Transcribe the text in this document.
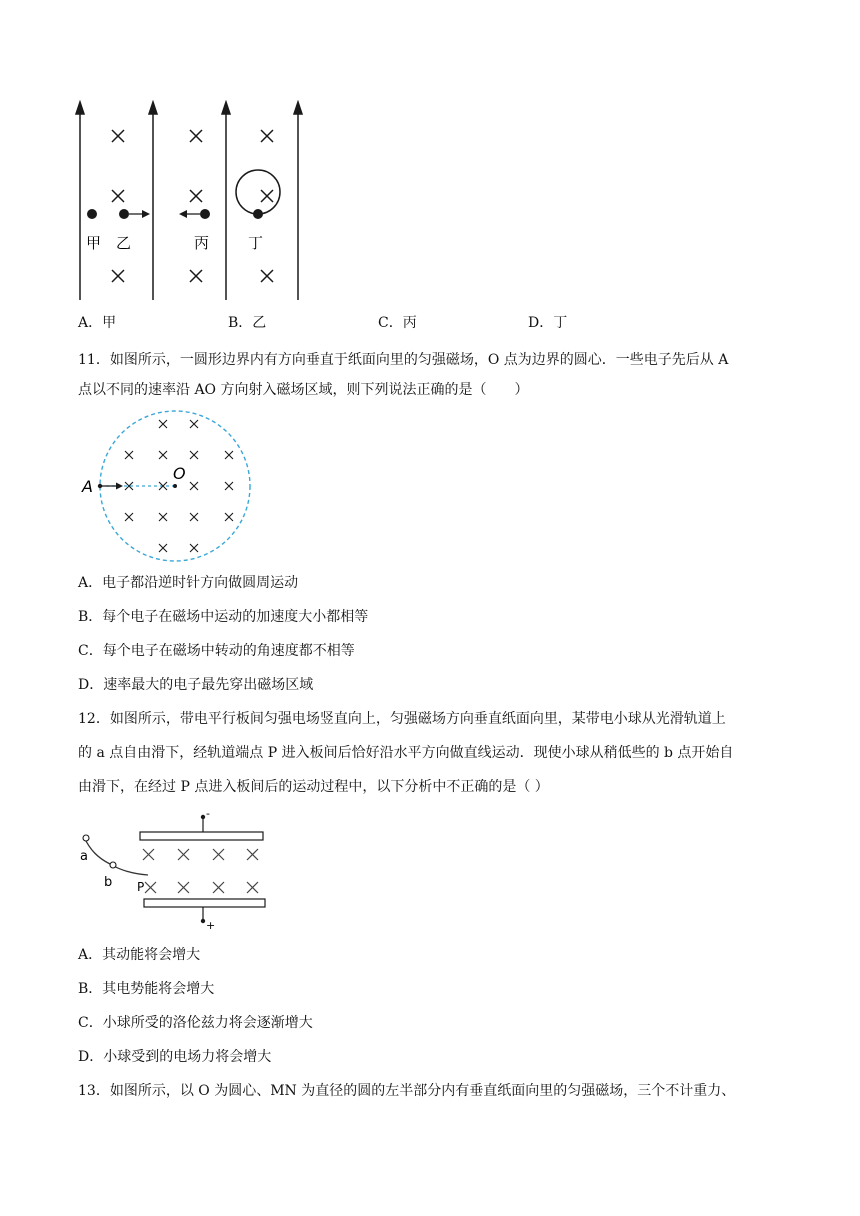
甲 乙	丙	丁
A．甲	B．乙	C．丙	D．丁
11．如图所示，一圆形边界内有方向垂直于纸面向里的匀强磁场，O 点为边界的圆心．一些电子先后从 A
点以不同的速率沿 AO 方向射入磁场区域，则下列说法正确的是（　　）
A
O
A．电子都沿逆时针方向做圆周运动
B．每个电子在磁场中运动的加速度大小都相等
C．每个电子在磁场中转动的角速度都不相等
D．速率最大的电子最先穿出磁场区域
12．如图所示，带电平行板间匀强电场竖直向上，匀强磁场方向垂直纸面向里，某带电小球从光滑轨道上
的 a 点自由滑下，经轨道端点 P 进入板间后恰好沿水平方向做直线运动．现使小球从稍低些的 b 点开始自
由滑下，在经过 P 点进入板间后的运动过程中，以下分析中不正确的是（ ）
-
+
a
b P
A．其动能将会增大
B．其电势能将会增大
C．小球所受的洛伦兹力将会逐渐增大
D．小球受到的电场力将会增大
13．如图所示，以 O 为圆心、MN 为直径的圆的左半部分内有垂直纸面向里的匀强磁场，三个不计重力、
